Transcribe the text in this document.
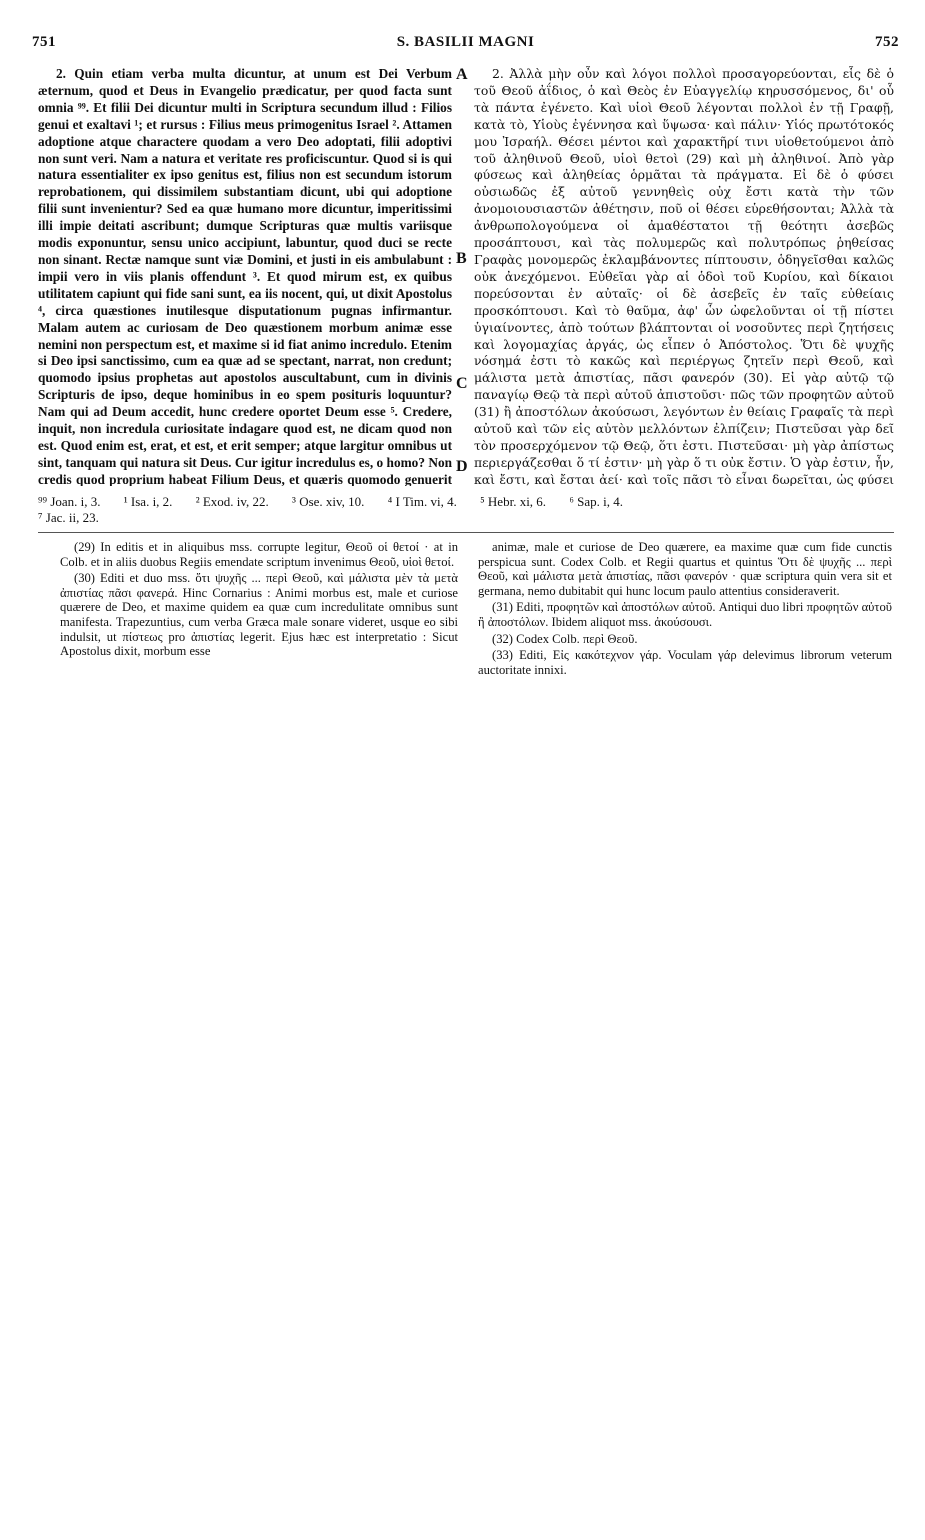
751	S. BASILII MAGNI	752

2. Quin etiam verba multa dicuntur, at unum est Dei Verbum æternum, quod et Deus in Evangelio prædicatur, per quod facta sunt omnia ⁹⁹. Et filii Dei dicuntur multi in Scriptura secundum illud : Filios genui et exaltavi ¹; et rursus : Filius meus primogenitus Israel ². Attamen adoptione atque charactere quodam a vero Deo adoptati, filii adoptivi non sunt veri. Nam a natura et veritate res proficiscuntur. Quod si is qui natura essentialiter ex ipso genitus est, filius non est secundum istorum reprobationem, qui dissimilem substantiam dicunt, ubi qui adoptione filii sunt invenientur? Sed ea quæ humano more dicuntur, imperitissimi illi impie deitati ascribunt; dumque Scripturas quæ multis variisque modis exponuntur, sensu unico accipiunt, labuntur, quod duci se recte non sinant. Rectæ namque sunt viæ Domini, et justi in eis ambulabunt : impii vero in viis planis offendunt ³. Et quod mirum est, ex quibus utilitatem capiunt qui fide sani sunt, ea iis nocent, qui, ut dixit Apostolus ⁴, circa quæstiones inutilesque disputationum pugnas infirmantur. Malam autem ac curiosam de Deo quæstionem morbum animæ esse nemini non perspectum est, et maxime si id fiat animo incredulo. Etenim si Deo ipsi sanctissimo, cum ea quæ ad se spectant, narrat, non credunt; quomodo ipsius prophetas aut apostolos auscultabunt, cum in divinis Scripturis de ipso, deque hominibus in eo spem posituris loquuntur? Nam qui ad Deum accedit, hunc credere oportet Deum esse ⁵. Credere, inquit, non incredula curiositate indagare quod est, ne dicam quod non est. Quod enim est, erat, et est, et erit semper; atque largitur omnibus ut sint, tanquam qui natura sit Deus. Cur igitur incredulus es, o homo? Non credis quod proprium habeat Filium Deus, et quæris quomodo genuerit

2. Ἀλλὰ μὴν οὖν καὶ λόγοι πολλοὶ προσαγορεύονται, εἷς δὲ ὁ τοῦ Θεοῦ ἀΐδιος, ὁ καὶ Θεὸς ἐν Εὐαγγελίῳ κηρυσσόμενος, δι' οὗ τὰ πάντα ἐγένετο. Καὶ υἱοὶ Θεοῦ λέγονται πολλοὶ ἐν τῇ Γραφῇ, κατὰ τὸ, Υἱοὺς ἐγέννησα καὶ ὕψωσα· καὶ πάλιν· Υἱός πρωτότοκός μου Ἰσραήλ. Θέσει μέντοι καὶ χαρακτῆρί τινι υἱοθετούμενοι ἀπὸ τοῦ ἀληθινοῦ Θεοῦ, υἱοὶ θετοὶ (29) καὶ μὴ ἀληθινοί. Ἀπὸ γὰρ φύσεως καὶ ἀληθείας ὁρμᾶται τὰ πράγματα. Εἰ δὲ ὁ φύσει οὐσιωδῶς ἐξ αὐτοῦ γεννηθεὶς οὐχ ἔστι κατὰ τὴν τῶν ἀνομοιουσιαστῶν ἀθέτησιν, ποῦ οἱ θέσει εὑρεθήσονται; Ἀλλὰ τὰ ἀνθρωπολογούμενα οἱ ἀμαθέστατοι τῇ θεότητι ἀσεβῶς προσάπτουσι, καὶ τὰς πολυμερῶς καὶ πολυτρόπως ῥηθείσας Γραφὰς μονομερῶς ἐκλαμβάνοντες πίπτουσιν, ὁδηγεῖσθαι καλῶς οὐκ ἀνεχόμενοι. Εὐθεῖαι γὰρ αἱ ὁδοὶ τοῦ Κυρίου, καὶ δίκαιοι πορεύσονται ἐν αὐταῖς· οἱ δὲ ἀσεβεῖς ἐν ταῖς εὐθείαις προσκόπτουσι. Καὶ τὸ θαῦμα, ἀφ' ὧν ὠφελοῦνται οἱ τῇ πίστει ὑγιαίνοντες, ἀπὸ τούτων βλάπτονται οἱ νοσοῦντες περὶ ζητήσεις καὶ λογομαχίας ἀργάς, ὡς εἶπεν ὁ Ἀπόστολος. Ὅτι δὲ ψυχῆς νόσημά ἐστι τὸ κακῶς καὶ περιέργως ζητεῖν περὶ Θεοῦ, καὶ μάλιστα μετὰ ἀπιστίας, πᾶσι φανερόν (30). Εἰ γὰρ αὐτῷ τῷ παναγίῳ Θεῷ τὰ περὶ αὐτοῦ ἀπιστοῦσι· πῶς τῶν προφητῶν αὐτοῦ (31) ἢ ἀποστόλων ἀκούσωσι, λεγόντων ἐν θείαις Γραφαῖς τὰ περὶ αὐτοῦ καὶ τῶν εἰς αὐτὸν μελλόντων ἐλπίζειν; Πιστεῦσαι γὰρ δεῖ τὸν προσερχόμενον τῷ Θεῷ, ὅτι ἐστι. Πιστεῦσαι· μὴ γὰρ ἀπίστως περιεργάζεσθαι ὅ τί ἐστιν· μὴ γὰρ ὅ τι οὐκ ἔστιν. Ὁ γὰρ ἐστιν, ἦν, καὶ ἔστι, καὶ ἔσται ἀεί· καὶ τοῖς πᾶσι τὸ εἶναι δωρεῖται, ὡς φύσει

A
B
C
D
⁹⁹ Joan. i, 3. ¹ Isa. i, 2. ² Exod. iv, 22. ³ Ose. xiv, 10. ⁴ I Tim. vi, 4. ⁵ Hebr. xi, 6. ⁶ Sap. i, 4.
⁷ Jac. ii, 23.

(29) In editis et in aliquibus mss. corrupte legitur, Θεοῦ οἱ θετοί · at in Colb. et in aliis duobus Regiis emendate scriptum invenimus Θεοῦ, υἱοὶ θετοί.

(30) Editi et duo mss. ὅτι ψυχῆς ... περὶ Θεοῦ, καὶ μάλιστα μὲν τὰ μετὰ ἀπιστίας πᾶσι φανερά. Hinc Cornarius : Animi morbus est, male et curiose quærere de Deo, et maxime quidem ea quæ cum incredulitate omnibus sunt manifesta. Trapezuntius, cum verba Græca male sonare videret, usque eo sibi indulsit, ut πίστεως pro ἀπιστίας legerit. Ejus hæc est interpretatio : Sicut Apostolus dixit, morbum esse

animæ, male et curiose de Deo quærere, ea maxime quæ cum fide cunctis perspicua sunt. Codex Colb. et Regii quartus et quintus Ὅτι δὲ ψυχῆς ... περὶ Θεοῦ, καὶ μάλιστα μετὰ ἀπιστίας, πᾶσι φανερόν · quæ scriptura quin vera sit et germana, nemo dubitabit qui hunc locum paulo attentius consideraverit.

(31) Editi, προφητῶν καὶ ἀποστόλων αὐτοῦ. Antiqui duo libri προφητῶν αὐτοῦ ἢ ἀποστόλων. Ibidem aliquot mss. ἀκούσουσι.

(32) Codex Colb. περὶ Θεοῦ.

(33) Editi, Εἰς κακότεχνον γάρ. Voculam γάρ delevimus librorum veterum auctoritate innixi.
